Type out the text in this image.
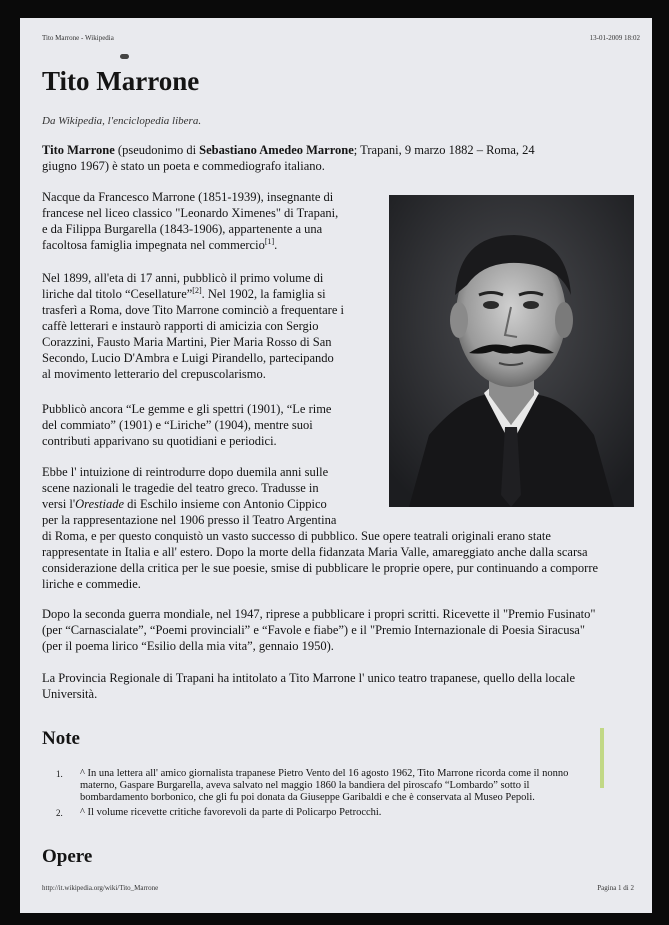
Tito Marrone - Wikipedia	13-01-2009 18:02
Tito Marrone

Da Wikipedia, l'enciclopedia libera.

Tito Marrone (pseudonimo di Sebastiano Amedeo Marrone; Trapani, 9 marzo 1882 – Roma, 24
giugno 1967) è stato un poeta e commediografo italiano.

Nacque da Francesco Marrone (1851-1939), insegnante di
francese nel liceo classico "Leonardo Ximenes" di Trapani,
e da Filippa Burgarella (1843-1906), appartenente a una
facoltosa famiglia impegnata nel commercio[1].

Nel 1899, all'eta di 17 anni, pubblicò il primo volume di
liriche dal titolo “Cesellature”[2]. Nel 1902, la famiglia si
trasferì a Roma, dove Tito Marrone cominciò a frequentare i
caffè letterari e instaurò rapporti di amicizia con Sergio
Corazzini, Fausto Maria Martini, Pier Maria Rosso di San
Secondo, Lucio D'Ambra e Luigi Pirandello, partecipando
al movimento letterario del crepuscolarismo.

Pubblicò ancora “Le gemme e gli spettri (1901), “Le rime
del commiato” (1901) e “Liriche” (1904), mentre suoi
contributi apparivano su quotidiani e periodici.

Ebbe l' intuizione di reintrodurre dopo duemila anni sulle
scene nazionali le tragedie del teatro greco. Tradusse in
versi l'Orestiade di Eschilo insieme con Antonio Cippico
per la rappresentazione nel 1906 presso il Teatro Argentina

di Roma, e per questo conquistò un vasto successo di pubblico. Sue opere teatrali originali erano state
rappresentate in Italia e all' estero. Dopo la morte della fidanzata Maria Valle, amareggiato anche dalla scarsa
considerazione della critica per le sue poesie, smise di pubblicare le proprie opere, pur continuando a comporre
liriche e commedie.

Dopo la seconda guerra mondiale, nel 1947, riprese a pubblicare i propri scritti. Ricevette il "Premio Fusinato"
(per “Carnascialate”, “Poemi provinciali” e “Favole e fiabe”) e il "Premio Internazionale di Poesia Siracusa"
(per il poema lirico “Esilio della mia vita”, gennaio 1950).

La Provincia Regionale di Trapani ha intitolato a Tito Marrone l' unico teatro trapanese, quello della locale
Università.

Note
1. ^ In una lettera all' amico giornalista trapanese Pietro Vento del 16 agosto 1962, Tito Marrone ricorda come il nonno
materno, Gaspare Burgarella, aveva salvato nel maggio 1860 la bandiera del piroscafo “Lombardo” sotto il
bombardamento borbonico, che gli fu poi donata da Giuseppe Garibaldi e che è conservata al Museo Pepoli.
2. ^ Il volume ricevette critiche favorevoli da parte di Policarpo Petrocchi.
Opere
http://it.wikipedia.org/wiki/Tito_Marrone	Pagina 1 di 2
